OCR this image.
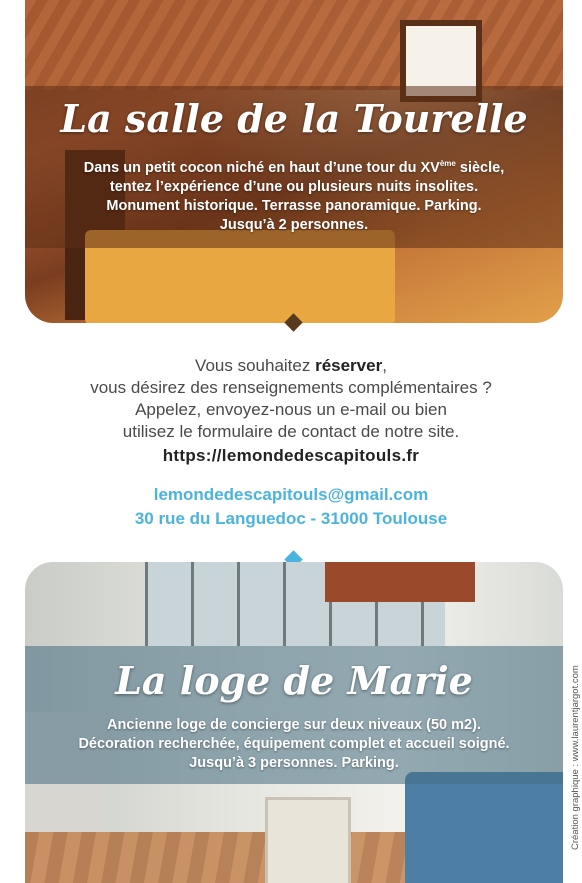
La salle de la Tourelle

Dans un petit cocon niché en haut d’une tour du XVème siècle,
tentez l’expérience d’une ou plusieurs nuits insolites.
Monument historique. Terrasse panoramique. Parking.
Jusqu’à 2 personnes.

Vous souhaitez réserver,

vous désirez des renseignements complémentaires ?

Appelez, envoyez-nous un e-mail ou bien

utilisez le formulaire de contact de notre site.

https://lemondedescapitouls.fr
lemondedescapitouls@gmail.com
30 rue du Languedoc - 31000 Toulouse
La loge de Marie

Ancienne loge de concierge sur deux niveaux (50 m2).
Décoration recherchée, équipement complet et accueil soigné.
Jusqu’à 3 personnes. Parking.	Création graphique : www.laurentjargot.com
